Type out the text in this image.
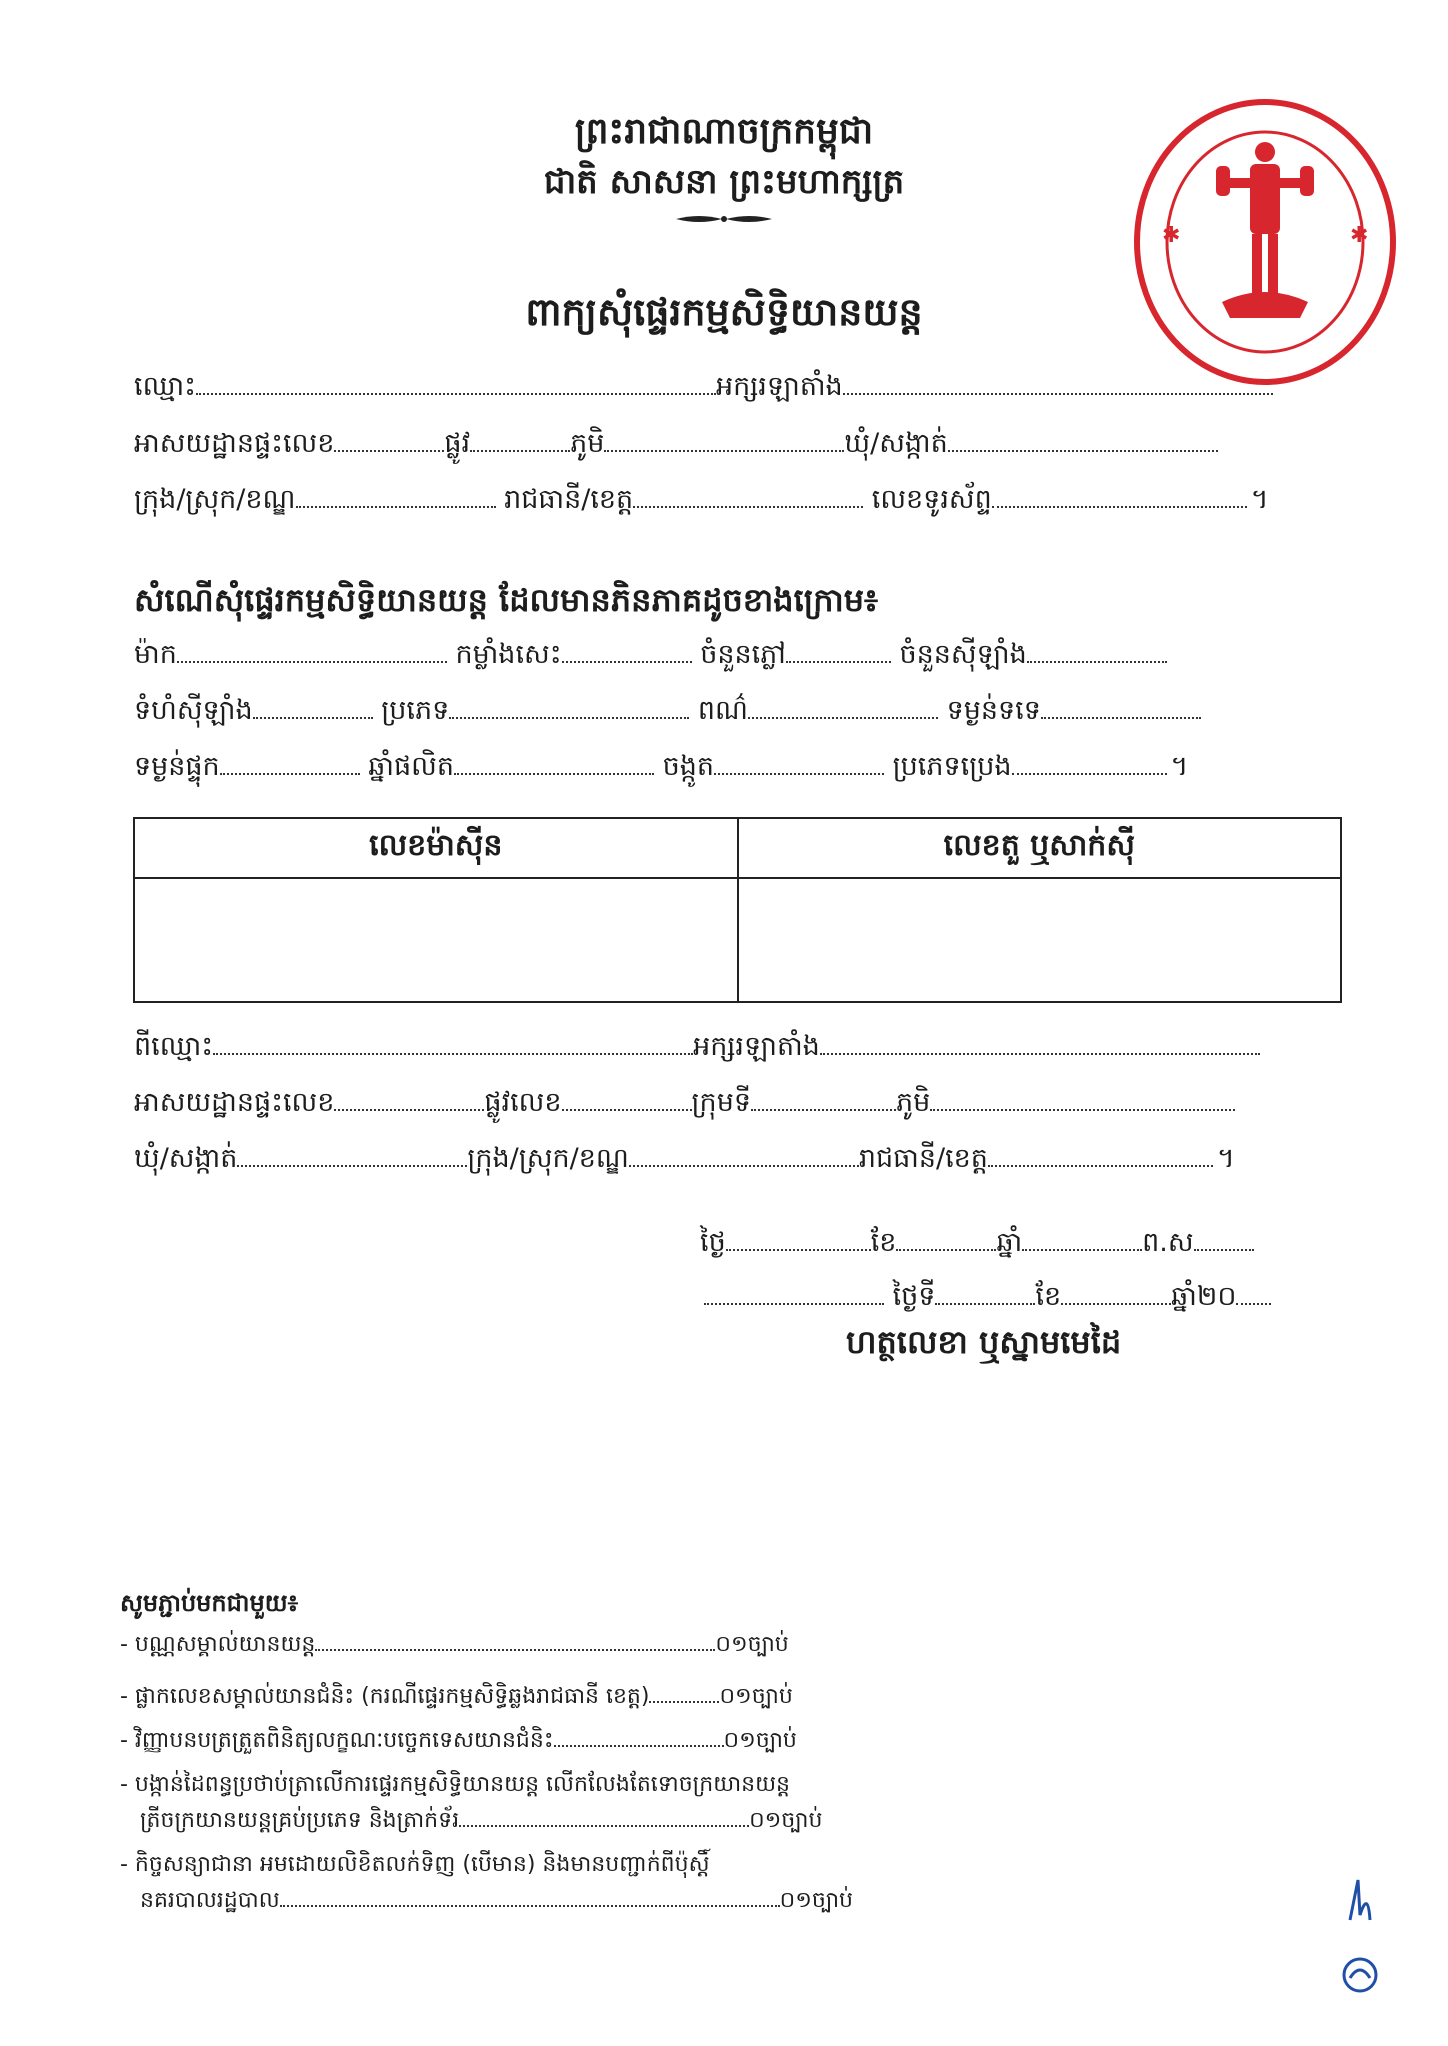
ព្រះរាជាណាចក្រកម្ពុជា
ជាតិ សាសនា ព្រះមហាក្សត្រ
ពាក្យសុំផ្ទេរកម្មសិទ្ធិយានយន្ត
✱	✱
ឈ្មោះ	អក្សរឡាតាំង
អាសយដ្ឋានផ្ទះលេខ	ផ្លូវ	ភូមិ	ឃុំ/សង្កាត់
ក្រុង/ស្រុក/ខណ្ឌ	រាជធានី/ខេត្ត	លេខទូរស័ព្ទ	។
សំណើសុំផ្ទេរកម្មសិទ្ធិយានយន្ត ដែលមានភិនភាគដូចខាងក្រោម៖
ម៉ាក	កម្លាំងសេះ	ចំនួនភ្លៅ	ចំនួនស៊ីឡាំង
ទំហំស៊ីឡាំង	ប្រភេទ	ពណ៌	ទម្ងន់ទទេ
ទម្ងន់ផ្ទុក	ឆ្នាំផលិត	ចង្កូត	ប្រភេទប្រេង	។
លេខម៉ាស៊ីន	លេខតួ ឬសាក់ស៊ី

ពីឈ្មោះ	អក្សរឡាតាំង
អាសយដ្ឋានផ្ទះលេខ	ផ្លូវលេខ	ក្រុមទី	ភូមិ
ឃុំ/សង្កាត់	ក្រុង/ស្រុក/ខណ្ឌ	រាជធានី/ខេត្ត	។
ថ្ងៃ	ខែ	ឆ្នាំ	ព.ស
ថ្ងៃទី	ខែ	ឆ្នាំ២០
ហត្ថលេខា ឬស្នាមមេដៃ
សូមភ្ជាប់មកជាមួយ៖
- បណ្ណសម្គាល់យានយន្ត	០១ច្បាប់
- ផ្លាកលេខសម្គាល់យានជំនិះ (ករណីផ្ទេរកម្មសិទ្ធិឆ្លងរាជធានី ខេត្ត)	០១ច្បាប់
- វិញ្ញាបនបត្រត្រួតពិនិត្យលក្ខណៈបច្ចេកទេសយានជំនិះ	០១ច្បាប់
- បង្កាន់ដៃពន្ធប្រថាប់ត្រាលើការផ្ទេរកម្មសិទ្ធិយានយន្ត លើកលែងតែទោចក្រយានយន្ត
ត្រីចក្រយានយន្តគ្រប់ប្រភេទ និងត្រាក់ទ័រ	០១ច្បាប់
- កិច្ចសន្យាជានា អមដោយលិខិតលក់ទិញ (បើមាន) និងមានបញ្ជាក់ពីប៉ុស្តិ៍
នគរបាលរដ្ឋបាល	០១ច្បាប់
